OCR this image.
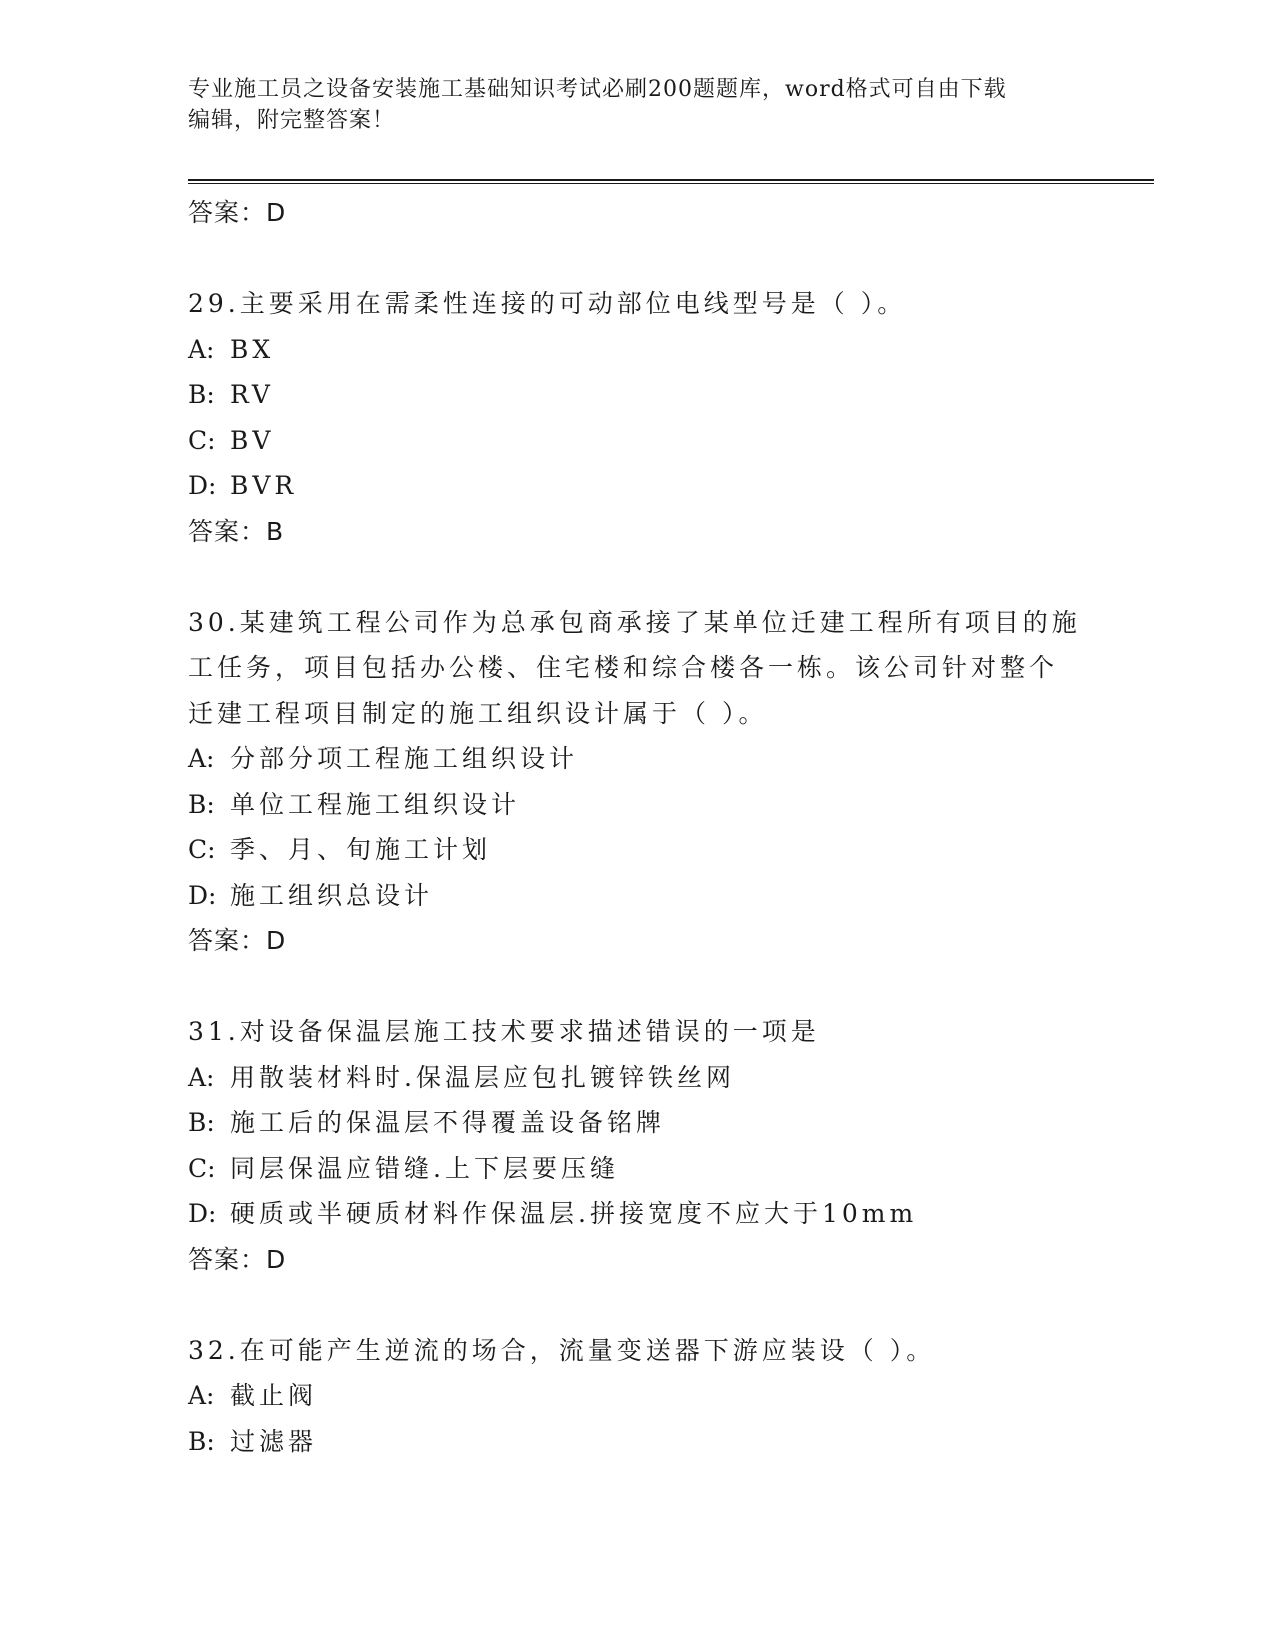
专业施工员之设备安装施工基础知识考试必刷200题题库，word格式可自由下载
编辑，附完整答案！
答案：D
29.主要采用在需柔性连接的可动部位电线型号是（ ）。
A: BX
B: RV
C: BV
D: BVR
答案：B
30.某建筑工程公司作为总承包商承接了某单位迁建工程所有项目的施
工任务，项目包括办公楼、住宅楼和综合楼各一栋。该公司针对整个
迁建工程项目制定的施工组织设计属于（ ）。
A: 分部分项工程施工组织设计
B: 单位工程施工组织设计
C: 季、月、旬施工计划
D: 施工组织总设计
答案：D
31.对设备保温层施工技术要求描述错误的一项是
A: 用散装材料时.保温层应包扎镀锌铁丝网
B: 施工后的保温层不得覆盖设备铭牌
C: 同层保温应错缝.上下层要压缝
D: 硬质或半硬质材料作保温层.拼接宽度不应大于10mm
答案：D
32.在可能产生逆流的场合，流量变送器下游应装设（ ）。
A: 截止阀
B: 过滤器
